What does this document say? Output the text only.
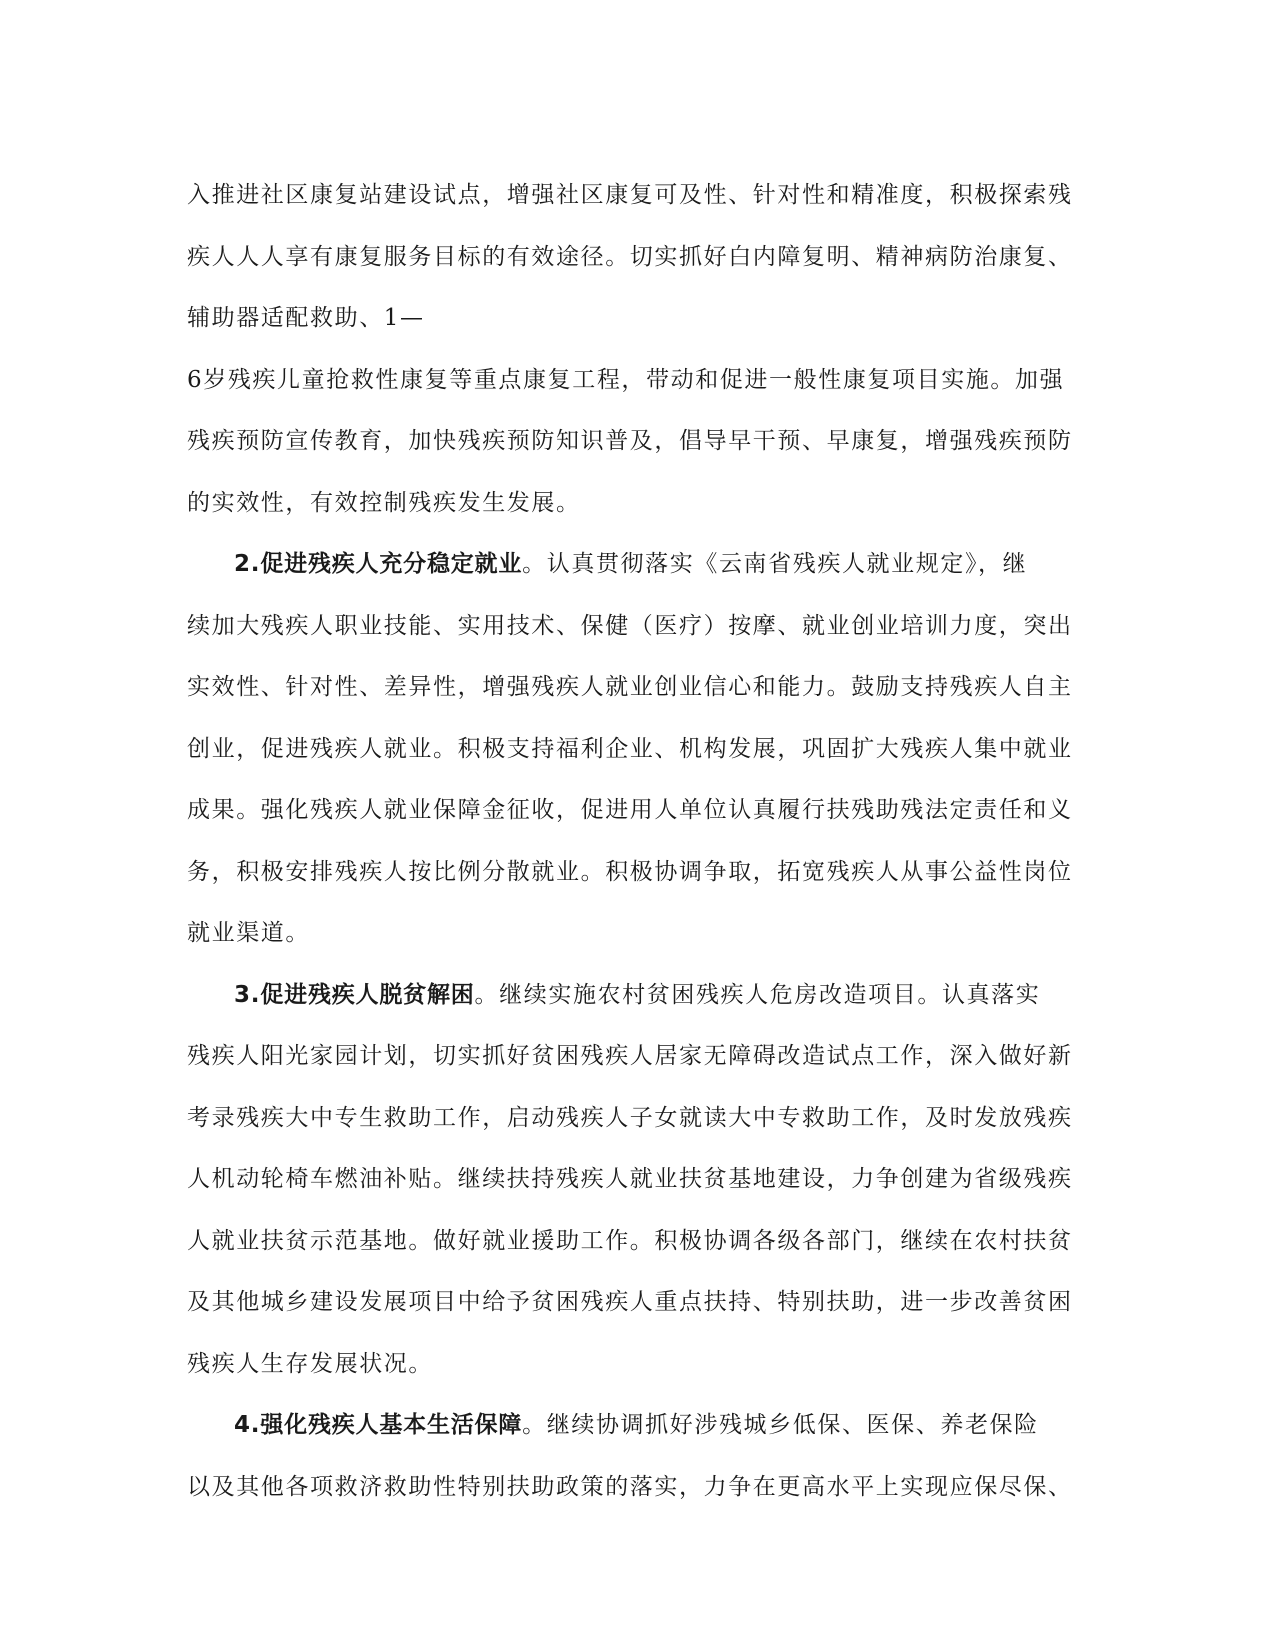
入推进社区康复站建设试点，增强社区康复可及性、针对性和精准度，积极探索残
疾人人人享有康复服务目标的有效途径。切实抓好白内障复明、精神病防治康复、
辅助器适配救助、1—
6岁残疾儿童抢救性康复等重点康复工程，带动和促进一般性康复项目实施。加强
残疾预防宣传教育，加快残疾预防知识普及，倡导早干预、早康复，增强残疾预防
的实效性，有效控制残疾发生发展。
2.促进残疾人充分稳定就业。认真贯彻落实《云南省残疾人就业规定》，继
续加大残疾人职业技能、实用技术、保健（医疗）按摩、就业创业培训力度，突出
实效性、针对性、差异性，增强残疾人就业创业信心和能力。鼓励支持残疾人自主
创业，促进残疾人就业。积极支持福利企业、机构发展，巩固扩大残疾人集中就业
成果。强化残疾人就业保障金征收，促进用人单位认真履行扶残助残法定责任和义
务，积极安排残疾人按比例分散就业。积极协调争取，拓宽残疾人从事公益性岗位
就业渠道。
3.促进残疾人脱贫解困。继续实施农村贫困残疾人危房改造项目。认真落实
残疾人阳光家园计划，切实抓好贫困残疾人居家无障碍改造试点工作，深入做好新
考录残疾大中专生救助工作，启动残疾人子女就读大中专救助工作，及时发放残疾
人机动轮椅车燃油补贴。继续扶持残疾人就业扶贫基地建设，力争创建为省级残疾
人就业扶贫示范基地。做好就业援助工作。积极协调各级各部门，继续在农村扶贫
及其他城乡建设发展项目中给予贫困残疾人重点扶持、特别扶助，进一步改善贫困
残疾人生存发展状况。
4.强化残疾人基本生活保障。继续协调抓好涉残城乡低保、医保、养老保险
以及其他各项救济救助性特别扶助政策的落实，力争在更高水平上实现应保尽保、
